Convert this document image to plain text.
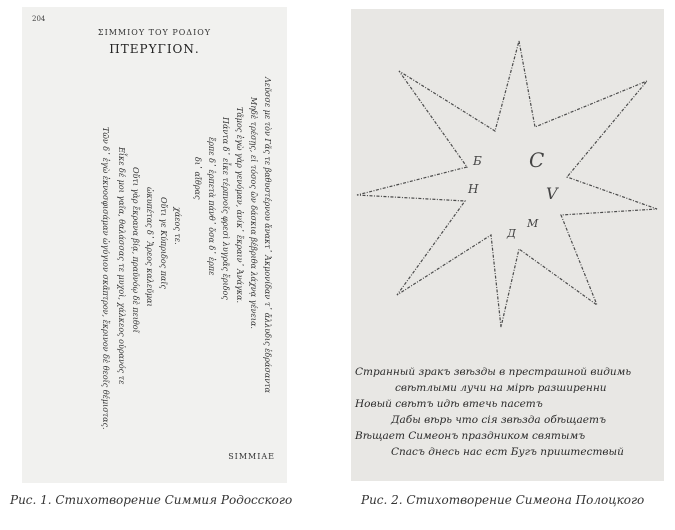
204
ΣΙΜΜΙΟΥ ΤΟΥ ΡΟΔΙΟΥ
ΠΤΕΡΥΓΙΟΝ.
Λεῦσσε με τὸν Γᾶς τε βαθυστέρνου ἄνακτ᾽ Ἀκμονίδαν τ᾽ ἄλλυδις ἑδράσαντα
Μηδὲ τρέσῃς, εἰ τόσος ὢν δάσκια βέβριθα λάχνᾳ γένεια.
Τᾶμος ἐγὼ γὰρ γενόμαν, ἁνίκ᾽ ἔκραιν᾽ Ἀνάγκα.
Πάντα δ᾽ εἶκε τέρπνοῖς φρεσὶ λυγρᾶς ἔριδος
ἕρπε δ᾽ ἑρπετὰ πάνθ᾽ ὅσα δ᾽ ἐρπε
δι᾽ αἴθρας
χάεος τε.
Οὔτι γε Κύπριδος παῖς
ὠκυπέτας δ᾽ Ἄρεος καλεῦμαι
Οὔτι γὰρ ἔκρανα βίᾳ, πραϋνόῳ δὲ πειθοῖ
Εἶκε δέ μοι γαῖα, θαλάσσας τε μυχοὶ, χάλκεος οὐρανός τε
Τῶν δ᾽ ἐγὼ ἐκνοσφισάμαν ὠγύγιον σκᾶπτρον, ἔκρινον δὲ θεοῖς θέμιστας.
SIMMIAE
Б С
Н	V
М
Д
Странный зракъ звѣзды в престрашной видимь
свѣтлыми лучи на мірѣ разширенни
Новый свѣтъ идѣ втечь пасетъ
Дабы вѣрь что сія звѣзда обѣщаетъ
Вѣщает Симеонъ праздником святымъ
Спасъ днесь нас ест Бугъ приштествый
Рис. 1. Стихотворение Симмия Родосского	Рис. 2. Стихотворение Симеона Полоцкого
